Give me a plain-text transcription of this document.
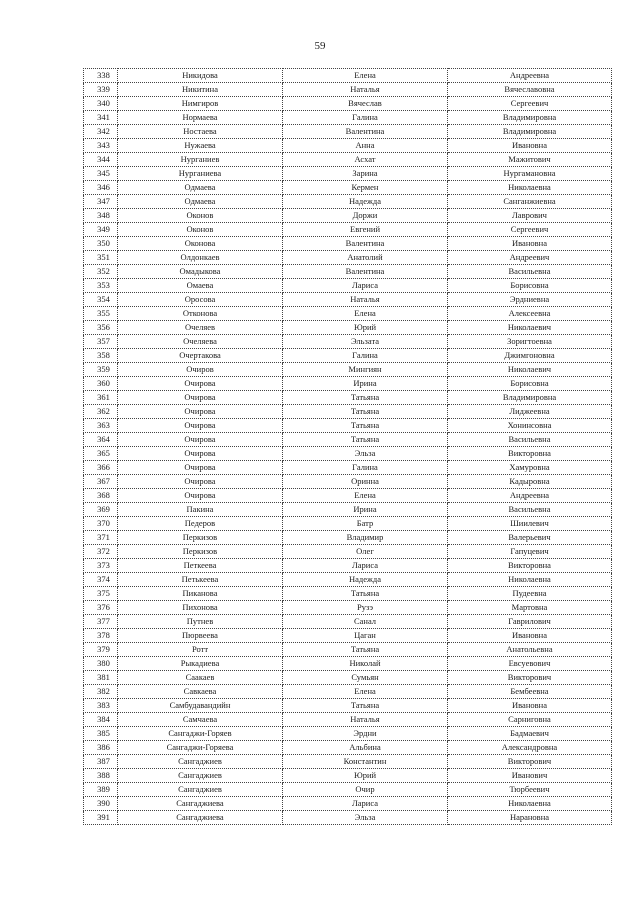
59
338	Никидова	Елена	Андреевна
339	Никитина	Наталья	Вячеславовна
340	Нимгиров	Вячеслав	Сергеевич
341	Нормаева	Галина	Владимировна
342	Ностаева	Валентина	Владимировна
343	Нужаева	Анна	Ивановна
344	Нурганиев	Асхат	Мажитович
345	Нурганиева	Зарина	Нургамановна
346	Одмаева	Кермен	Николаевна
347	Одмаева	Надежда	Санганжиевна
348	Оконов	Доржи	Лаврович
349	Оконов	Евгений	Сергеевич
350	Оконова	Валентина	Ивановна
351	Олдонкаев	Анатолий	Андреевич
352	Омадыкова	Валентина	Васильевна
353	Омаева	Лариса	Борисовна
354	Оросова	Наталья	Эрдниевна
355	Отконова	Елена	Алексеевна
356	Очеляев	Юрий	Николаевич
357	Очеляева	Эльзата	Зоригтоевна
358	Очертакова	Галина	Джимгоновна
359	Очиров	Мингиян	Николаевич
360	Очирова	Ирина	Борисовна
361	Очирова	Татьяна	Владимировна
362	Очирова	Татьяна	Лиджеевна
363	Очирова	Татьяна	Хонинсовна
364	Очирова	Татьяна	Васильевна
365	Очирова	Эльза	Викторовна
366	Очирова	Галина	Хамуровна
367	Очирова	Оринна	Кадыровна
368	Очирова	Елена	Андреевна
369	Пакина	Ирина	Васильевна
370	Педеров	Батр	Шиилевич
371	Перкизов	Владимир	Валерьевич
372	Перкизов	Олег	Гапуцевич
373	Петкеева	Лариса	Викторовна
374	Петькеева	Надежда	Николаевна
375	Пиканова	Татьяна	Пудеевна
376	Пихонова	Рузэ	Мартовна
377	Путнев	Санал	Гаврилович
378	Пюрвеева	Цаган	Ивановна
379	Ротт	Татьяна	Анатольевна
380	Рыкадиева	Николай	Евсуевович
381	Саакаев	Сумьян	Викторович
382	Савкаева	Елена	Бембеевна
383	Самбудавандийн	Татьяна	Ивановна
384	Самчаева	Наталья	Сарниговна
385	Сангаджи-Горяев	Эрдни	Бадмаевич
386	Сангаджи-Горяева	Альбина	Александровна
387	Сангаджиев	Константин	Викторович
388	Сангаджиев	Юрий	Иванович
389	Сангаджиев	Очир	Тюрбеевич
390	Сангаджиева	Лариса	Николаевна
391	Сангаджиева	Эльза	Нарановна
